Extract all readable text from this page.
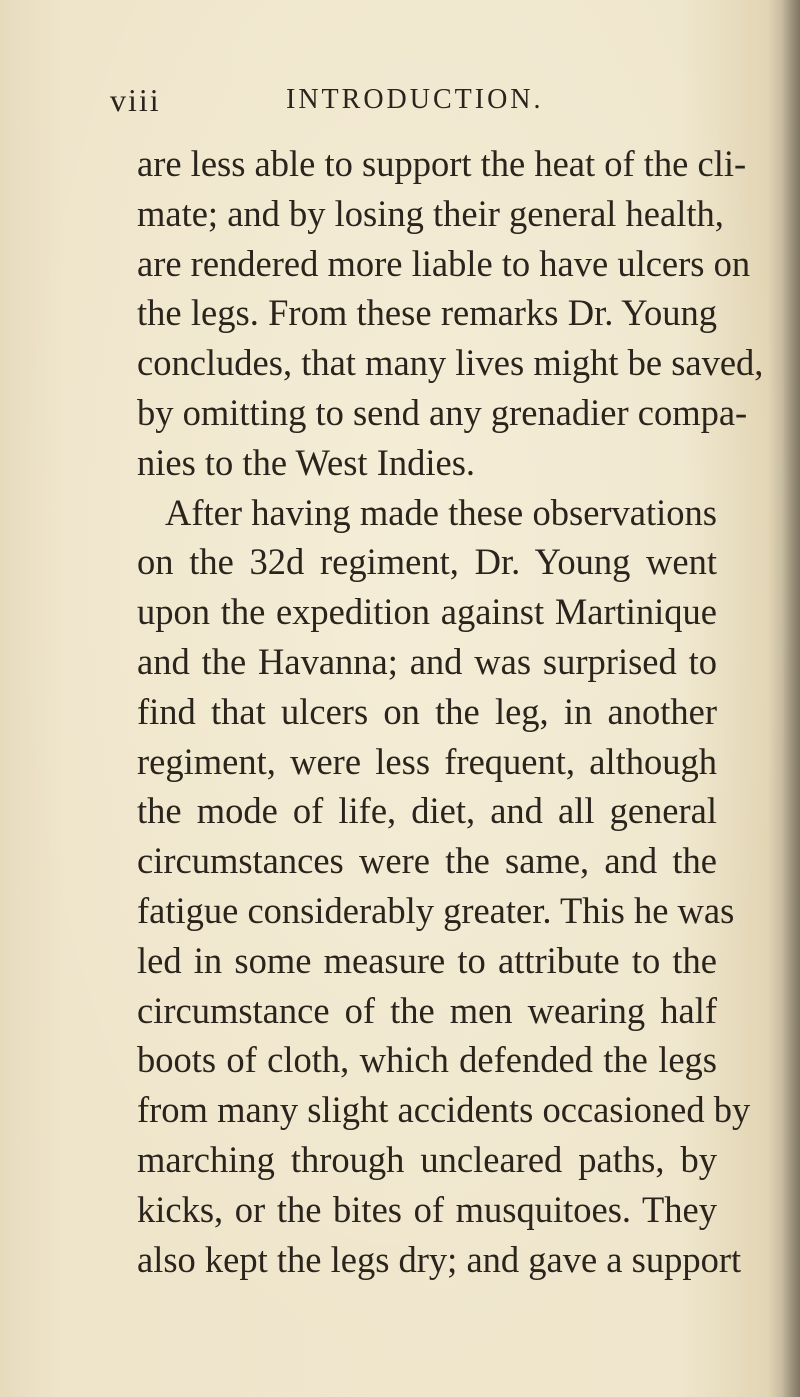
viii	INTRODUCTION.
are less able to support the heat of the cli-
mate; and by losing their general health,
are rendered more liable to have ulcers on
the legs. From these remarks Dr. Young
concludes, that many lives might be saved,
by omitting to send any grenadier compa-
nies to the West Indies.
After having made these observations
on the 32d regiment, Dr. Young went
upon the expedition against Martinique
and the Havanna; and was surprised to
find that ulcers on the leg, in another
regiment, were less frequent, although
the mode of life, diet, and all general
circumstances were the same, and the
fatigue considerably greater. This he was
led in some measure to attribute to the
circumstance of the men wearing half
boots of cloth, which defended the legs
from many slight accidents occasioned by
marching through uncleared paths, by
kicks, or the bites of musquitoes. They
also kept the legs dry; and gave a support
